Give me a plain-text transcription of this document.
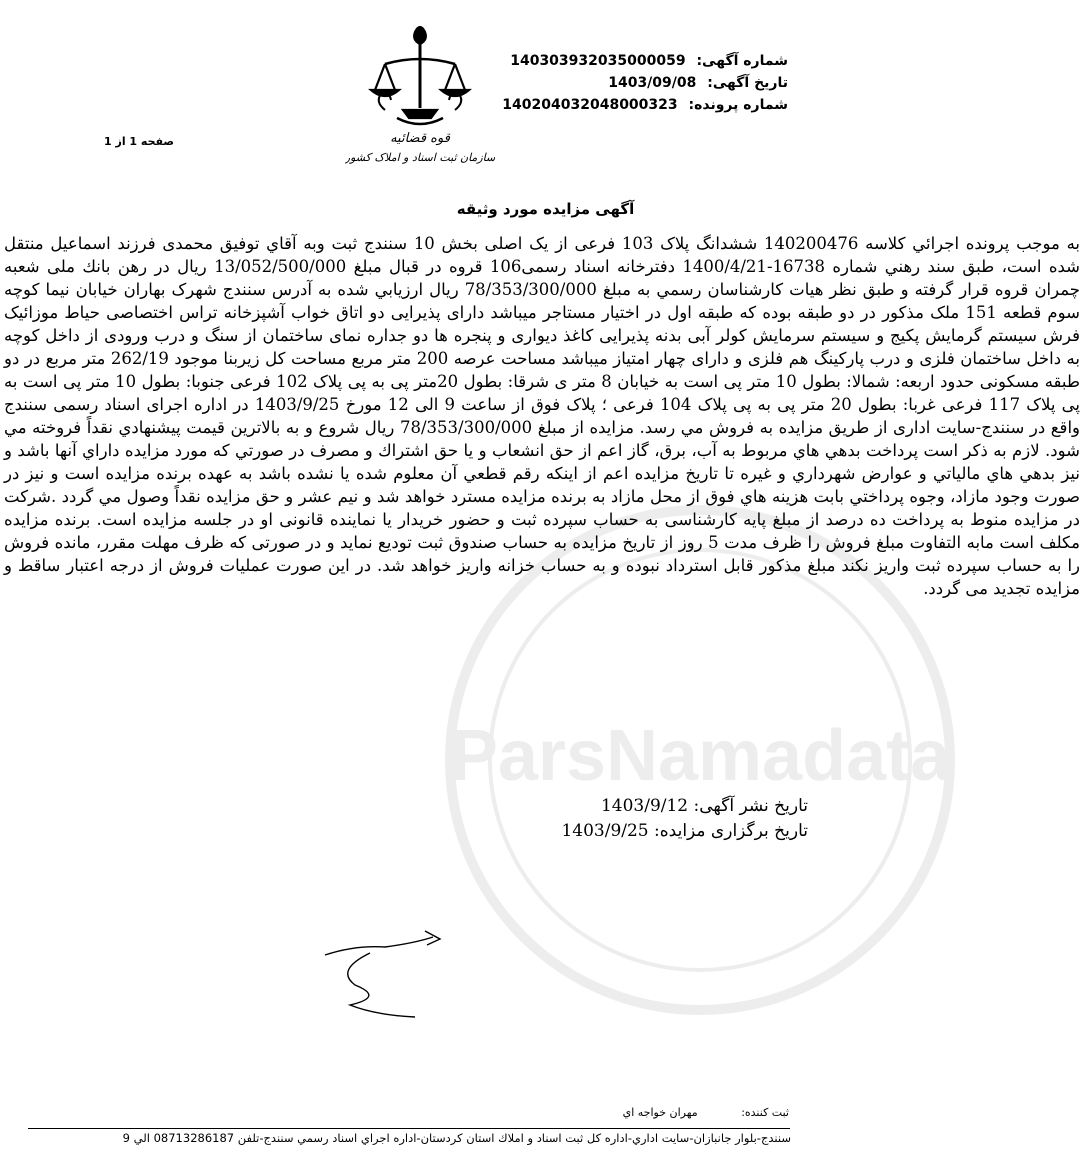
ParsNamadata
قوه قضائیه
سازمان ثبت اسناد و املاک کشور
شماره آگهی: 140303932035000059
تاریخ آگهی: 1403/09/08
شماره پرونده: 140204032048000323
صفحه 1 از 1
آگهی مزایده مورد وثیقه
به موجب پرونده اجرائي كلاسه 140200476 ششدانگ پلاک 103 فرعی از یک اصلی بخش 10 سنندج ثبت وبه آقاي توفيق محمدی فرزند اسماعيل منتقل شده است، طبق سند رهني شماره 16738-1400/4/21 دفترخانه اسناد رسمی106 قروه در قبال مبلغ 13/052/500/000 ريال در رهن بانك ملی شعبه چمران قروه قرار گرفته و طبق نظر هيات كارشناسان رسمي به مبلغ 78/353/300/000 ريال ارزيابي شده به آدرس سنندج شهرک بهاران خیابان نیما کوچه سوم قطعه 151 ملک مذکور در دو طبقه بوده که طبقه اول در اختیار مستاجر میباشد دارای پذیرایی دو اتاق خواب آشپزخانه تراس اختصاصی حیاط موزائیک فرش سیستم گرمایش پکیج و سیستم سرمایش کولر آبی بدنه پذیرایی کاغذ دیواری و پنجره ها دو جداره نمای ساختمان از سنگ و درب ورودی از داخل کوچه به داخل ساختمان فلزی و درب پارکینگ هم فلزی و دارای چهار امتیاز میباشد مساحت عرصه 200 متر مربع مساحت کل زیربنا موجود 262/19 متر مربع در دو طبقه مسکونی حدود اربعه: شمالا: بطول 10 متر پی است به خیابان 8 متر ی شرقا: بطول 20متر پی به پی پلاک 102 فرعی جنوبا: بطول 10 متر پی است به پی پلاک 117 فرعی غربا: بطول 20 متر پی به پی پلاک 104 فرعی ؛ پلاک فوق از ساعت 9 الی 12 مورخ 1403/9/25 در اداره اجرای اسناد رسمی سنندج واقع در سنندج-سایت اداری از طریق مزایده به فروش مي رسد. مزايده از مبلغ 78/353/300/000 ريال شروع و به بالاترين قيمت پيشنهادي نقداً فروخته مي شود. لازم به ذكر است پرداخت بدهي هاي مربوط به آب، برق، گاز اعم از حق انشعاب و یا حق اشتراك و مصرف در صورتي كه مورد مزايده داراي آنها باشد و نيز بدهي هاي مالياتي و عوارض شهرداري و غيره تا تاريخ مزايده اعم از اينكه رقم قطعي آن معلوم شده يا نشده باشد به عهده برنده مزايده است و نيز در صورت وجود مازاد، وجوه پرداختي بابت هزينه هاي فوق از محل مازاد به برنده مزايده مسترد خواهد شد و نيم عشر و حق مزايده نقداً وصول مي گردد .شرکت در مزایده منوط به پرداخت ده درصد از مبلغ پایه کارشناسی به حساب سپرده ثبت و حضور خریدار یا نماینده قانونی او در جلسه مزایده است. برنده مزایده مکلف است مابه التفاوت مبلغ فروش را ظرف مدت 5 روز از تاریخ مزایده به حساب صندوق ثبت تودیع نماید و در صورتی که ظرف مهلت مقرر، مانده فروش را به حساب سپرده ثبت واریز نکند مبلغ مذکور قابل استرداد نبوده و به حساب خزانه واریز خواهد شد. در این صورت عملیات فروش از درجه اعتبار ساقط و مزایده تجدید می گردد.
تاریخ نشر آگهی: 1403/9/12
تاریخ برگزاری مزایده: 1403/9/25
ثبت كننده: مهران خواجه اي
سنندج-بلوار جانبازان-سايت اداري-اداره كل ثبت اسناد و املاك استان كردستان-اداره اجراي اسناد رسمي سنندج-تلفن 08713286187 الي 9
